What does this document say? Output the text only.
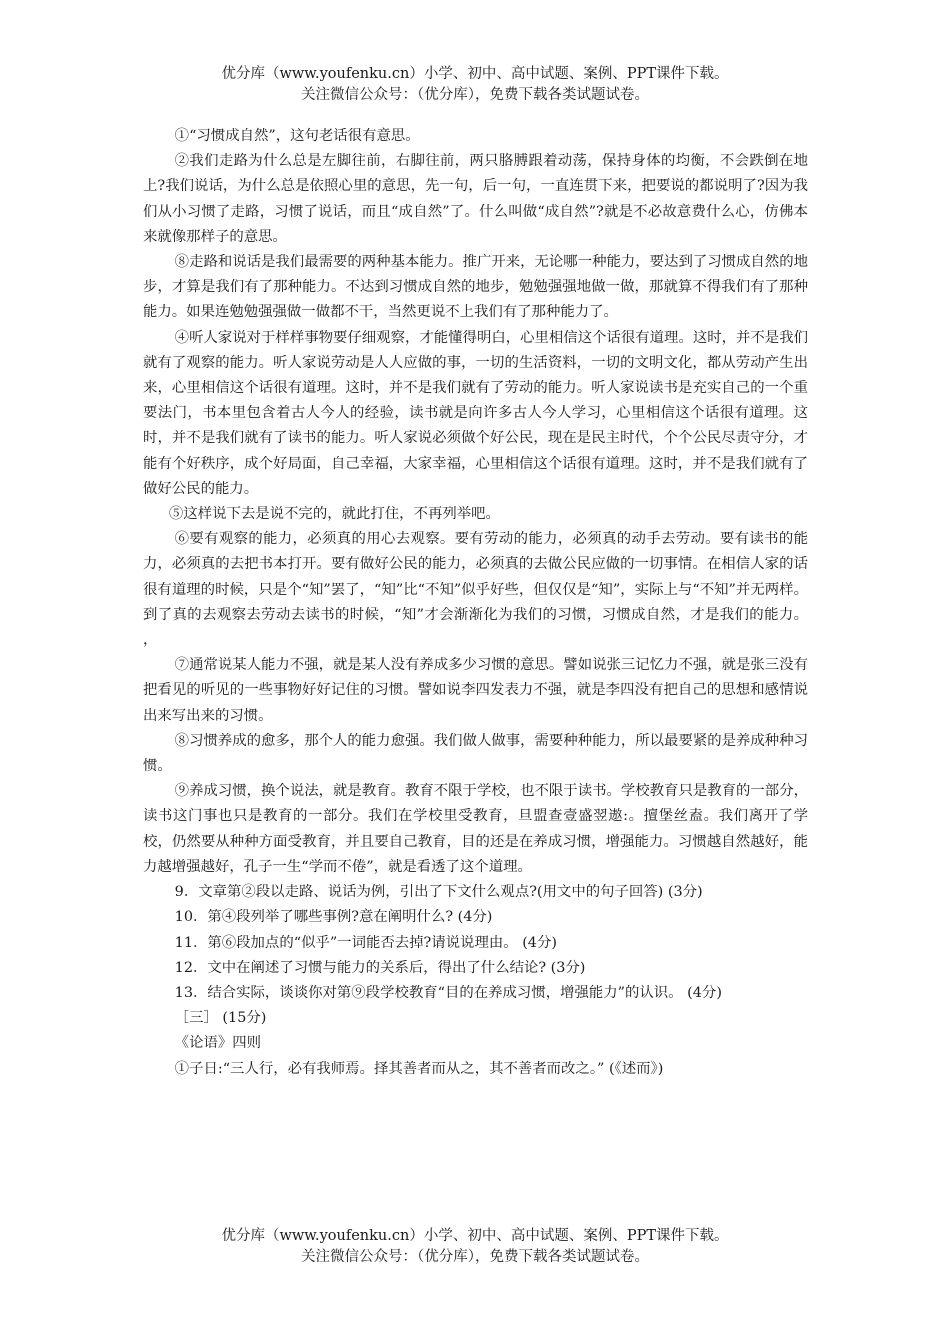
优分库（www.youfenku.cn）小学、初中、高中试题、案例、PPT课件下载。
关注微信公众号：（优分库），免费下载各类试题试卷。

①“习惯成自然”，这句老话很有意思。

②我们走路为什么总是左脚往前，右脚往前，两只胳膊跟着动荡，保持身体的均衡，不会跌倒在地上?我们说话，为什么总是依照心里的意思，先一句，后一句，一直连贯下来，把要说的都说明了?因为我们从小习惯了走路，习惯了说话，而且“成自然”了。什么叫做“成自然”?就是不必故意费什么心，仿佛本来就像那样子的意思。

⑧走路和说话是我们最需要的两种基本能力。推广开来，无论哪一种能力，要达到了习惯成自然的地步，才算是我们有了那种能力。不达到习惯成自然的地步，勉勉强强地做一做，那就算不得我们有了那种能力。如果连勉勉强强做一做都不干，当然更说不上我们有了那种能力了。

④听人家说对于样样事物要仔细观察，才能懂得明白，心里相信这个话很有道理。这时，并不是我们就有了观察的能力。听人家说劳动是人人应做的事，一切的生活资料，一切的文明文化，都从劳动产生出来，心里相信这个话很有道理。这时，并不是我们就有了劳动的能力。听人家说读书是充实自己的一个重要法门，书本里包含着古人今人的经验，读书就是向许多古人今人学习，心里相信这个话很有道理。这时，并不是我们就有了读书的能力。听人家说必须做个好公民，现在是民主时代，个个公民尽责守分，才能有个好秩序，成个好局面，自己幸福，大家幸福，心里相信这个话很有道理。这时，并不是我们就有了做好公民的能力。

⑤这样说下去是说不完的，就此打住，不再列举吧。

⑥要有观察的能力，必须真的用心去观察。要有劳动的能力，必须真的动手去劳动。要有读书的能力，必须真的去把书本打开。要有做好公民的能力，必须真的去做公民应做的一切事情。在相信人家的话很有道理的时候，只是个“知”罢了，“知”比“不知”似乎好些，但仅仅是“知”，实际上与“不知”并无两样。到了真的去观察去劳动去读书的时候，“知”才会渐渐化为我们的习惯，习惯成自然，才是我们的能力。 ，

⑦通常说某人能力不强，就是某人没有养成多少习惯的意思。譬如说张三记忆力不强，就是张三没有把看见的听见的一些事物好好记住的习惯。譬如说李四发表力不强，就是李四没有把自己的思想和感情说出来写出来的习惯。

⑧习惯养成的愈多，那个人的能力愈强。我们做人做事，需要种种能力，所以最要紧的是养成种种习惯。

⑨养成习惯，换个说法，就是教育。教育不限于学校，也不限于读书。学校教育只是教育的一部分，读书这门事也只是教育的一部分。我们在学校里受教育，旦盟查壹盛翌遨:。擅堡丝盍。我们离开了学校，仍然要从种种方面受教育，并且要自己教育，目的还是在养成习惯，增强能力。习惯越自然越好，能力越增强越好，孔子一生“学而不倦”，就是看透了这个道理。

9．文章第②段以走路、说话为例，引出了下文什么观点?(用文中的句子回答) (3分)

10．第④段列举了哪些事例?意在阐明什么? (4分)

11．第⑥段加点的“似乎”一词能否去掉?请说说理由。 (4分)

12．文中在阐述了习惯与能力的关系后，得出了什么结论? (3分)

13．结合实际，谈谈你对第⑨段学校教育“目的在养成习惯，增强能力”的认识。 (4分)

［三］ (15分)

《论语》四则

①子日:“三人行，必有我师焉。择其善者而从之，其不善者而改之。” (《述而》)

优分库（www.youfenku.cn）小学、初中、高中试题、案例、PPT课件下载。
关注微信公众号：（优分库），免费下载各类试题试卷。
